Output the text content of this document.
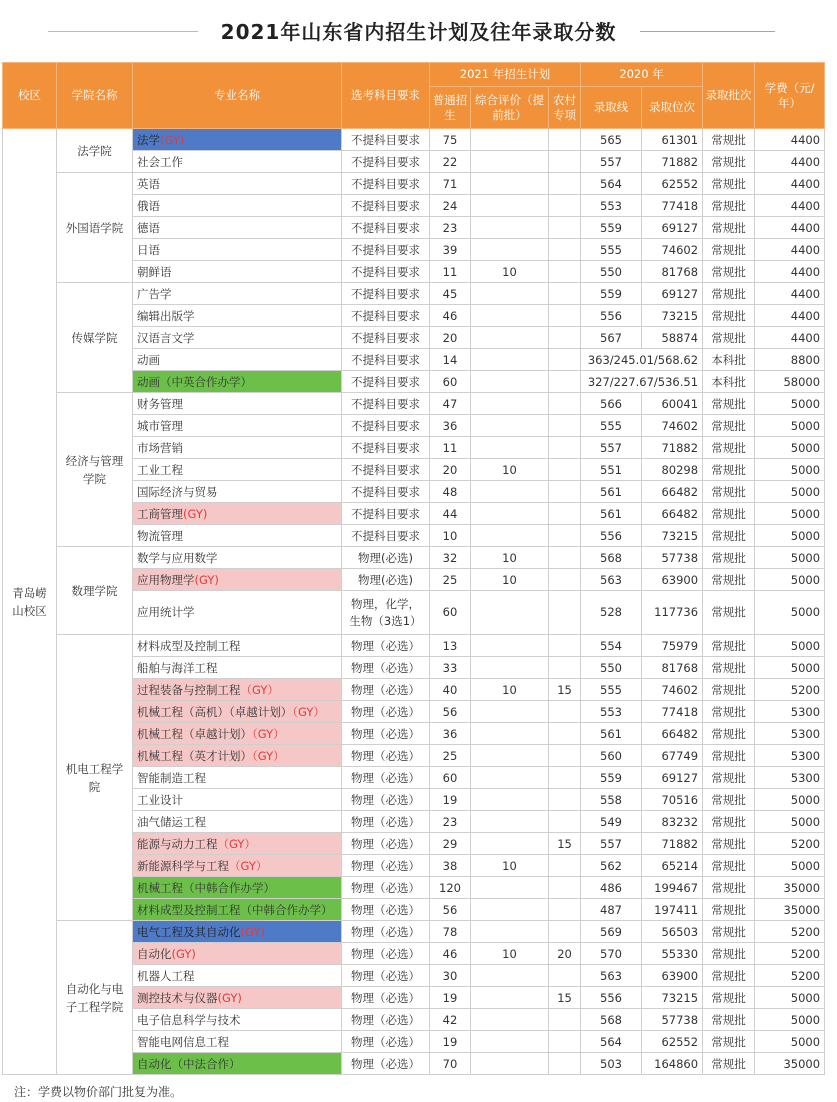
2021年山东省内招生计划及往年录取分数
校区	学院名称	专业名称	选考科目要求	2021 年招生计划			2020 年		录取批次	学费（元/年）
				普通招生	综合评价（提前批）	农村专项	录取线	录取位次		
青岛崂山校区	法学院	法学(GY)	不提科目要求	75			565	61301	常规批	4400
		社会工作	不提科目要求	22			557	71882	常规批	4400
	外国语学院	英语	不提科目要求	71			564	62552	常规批	4400
		俄语	不提科目要求	24			553	77418	常规批	4400
		德语	不提科目要求	23			559	69127	常规批	4400
		日语	不提科目要求	39			555	74602	常规批	4400
		朝鲜语	不提科目要求	11	10		550	81768	常规批	4400
	传媒学院	广告学	不提科目要求	45			559	69127	常规批	4400
		编辑出版学	不提科目要求	46			556	73215	常规批	4400
		汉语言文学	不提科目要求	20			567	58874	常规批	4400
		动画	不提科目要求	14			363/245.01/568.62		本科批	8800
		动画（中英合作办学）	不提科目要求	60			327/227.67/536.51		本科批	58000
	经济与管理学院	财务管理	不提科目要求	47			566	60041	常规批	5000
		城市管理	不提科目要求	36			555	74602	常规批	5000
		市场营销	不提科目要求	11			557	71882	常规批	5000
		工业工程	不提科目要求	20	10		551	80298	常规批	5000
		国际经济与贸易	不提科目要求	48			561	66482	常规批	5000
		工商管理(GY)	不提科目要求	44			561	66482	常规批	5000
		物流管理	不提科目要求	10			556	73215	常规批	5000
	数理学院	数学与应用数学	物理(必选)	32	10		568	57738	常规批	5000
		应用物理学(GY)	物理(必选)	25	10		563	63900	常规批	5000
		应用统计学	物理，化学，生物（3选1）	60			528	117736	常规批	5000
	机电工程学院	材料成型及控制工程	物理（必选）	13			554	75979	常规批	5000
		船舶与海洋工程	物理（必选）	33			550	81768	常规批	5000
		过程装备与控制工程（GY）	物理（必选）	40	10	15	555	74602	常规批	5200
		机械工程（高机）（卓越计划）（GY）	物理（必选）	56			553	77418	常规批	5300
		机械工程（卓越计划）（GY）	物理（必选）	36			561	66482	常规批	5300
		机械工程（英才计划）（GY）	物理（必选）	25			560	67749	常规批	5300
		智能制造工程	物理（必选）	60			559	69127	常规批	5300
		工业设计	物理（必选）	19			558	70516	常规批	5000
		油气储运工程	物理（必选）	23			549	83232	常规批	5000
		能源与动力工程（GY）	物理（必选）	29		15	557	71882	常规批	5200
		新能源科学与工程（GY）	物理（必选）	38	10		562	65214	常规批	5000
		机械工程（中韩合作办学）	物理（必选）	120			486	199467	常规批	35000
		材料成型及控制工程（中韩合作办学）	物理（必选）	56			487	197411	常规批	35000
	自动化与电子工程学院	电气工程及其自动化(GY)	物理（必选）	78			569	56503	常规批	5200
		自动化(GY)	物理（必选）	46	10	20	570	55330	常规批	5200
		机器人工程	物理（必选）	30			563	63900	常规批	5200
		测控技术与仪器(GY)	物理（必选）	19		15	556	73215	常规批	5000
		电子信息科学与技术	物理（必选）	42			568	57738	常规批	5000
		智能电网信息工程	物理（必选）	19			564	62552	常规批	5000
		自动化（中法合作）	物理（必选）	70			503	164860	常规批	35000
注：学费以物价部门批复为准。
